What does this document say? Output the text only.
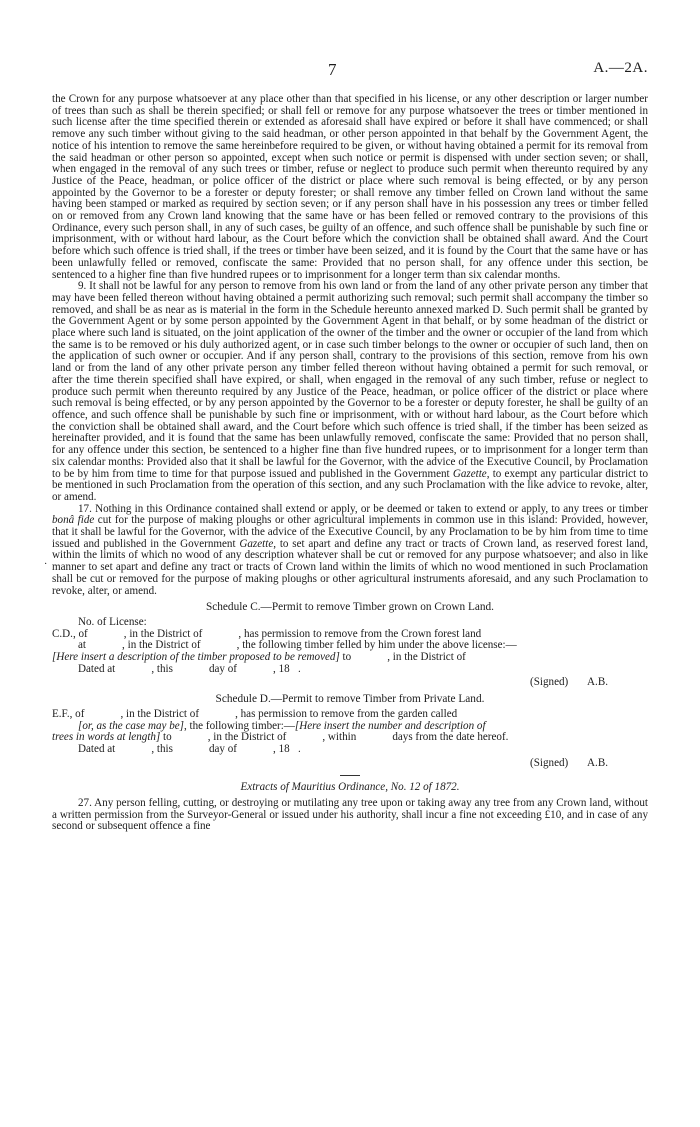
7	A.—2A.
·

the Crown for any purpose whatsoever at any place other than that specified in his license, or any other description or larger number of trees than such as shall be therein specified; or shall fell or remove for any purpose whatsoever the trees or timber mentioned in such license after the time specified therein or extended as aforesaid shall have expired or before it shall have commenced; or shall remove any such timber without giving to the said headman, or other person appointed in that behalf by the Government Agent, the notice of his intention to remove the same hereinbefore required to be given, or without having obtained a permit for its removal from the said headman or other person so appointed, except when such notice or permit is dispensed with under section seven; or shall, when engaged in the removal of any such trees or timber, refuse or neglect to produce such permit when thereunto required by any Justice of the Peace, headman, or police officer of the district or place where such removal is being effected, or by any person appointed by the Governor to be a forester or deputy forester; or shall remove any timber felled on Crown land without the same having been stamped or marked as required by section seven; or if any person shall have in his possession any trees or timber felled on or removed from any Crown land knowing that the same have or has been felled or removed contrary to the provisions of this Ordinance, every such person shall, in any of such cases, be guilty of an offence, and such offence shall be punishable by such fine or imprisonment, with or without hard labour, as the Court before which the conviction shall be obtained shall award. And the Court before which such offence is tried shall, if the trees or timber have been seized, and it is found by the Court that the same have or has been unlawfully felled or removed, confiscate the same: Provided that no person shall, for any offence under this section, be sentenced to a higher fine than five hundred rupees or to imprisonment for a longer term than six calendar months.

9. It shall not be lawful for any person to remove from his own land or from the land of any other private person any timber that may have been felled thereon without having obtained a permit authorizing such removal; such permit shall accompany the timber so removed, and shall be as near as is material in the form in the Schedule hereunto annexed marked D. Such permit shall be granted by the Government Agent or by some person appointed by the Government Agent in that behalf, or by some headman of the district or place where such land is situated, on the joint application of the owner of the timber and the owner or occupier of the land from which the same is to be removed or his duly authorized agent, or in case such timber belongs to the owner or occupier of such land, then on the application of such owner or occupier. And if any person shall, contrary to the provisions of this section, remove from his own land or from the land of any other private person any timber felled thereon without having obtained a permit for such removal, or after the time therein specified shall have expired, or shall, when engaged in the removal of any such timber, refuse or neglect to produce such permit when thereunto required by any Justice of the Peace, headman, or police officer of the district or place where such removal is being effected, or by any person appointed by the Governor to be a forester or deputy forester, he shall be guilty of an offence, and such offence shall be punishable by such fine or imprisonment, with or without hard labour, as the Court before which the conviction shall be obtained shall award, and the Court before which such offence is tried shall, if the timber has been seized as hereinafter provided, and it is found that the same has been unlawfully removed, confiscate the same: Provided that no person shall, for any offence under this section, be sentenced to a higher fine than five hundred rupees, or to imprisonment for a longer term than six calendar months: Provided also that it shall be lawful for the Governor, with the advice of the Executive Council, by Proclamation to be by him from time to time for that purpose issued and published in the Government Gazette, to exempt any particular district to be mentioned in such Proclamation from the operation of this section, and any such Proclamation with the like advice to revoke, alter, or amend.

17. Nothing in this Ordinance contained shall extend or apply, or be deemed or taken to extend or apply, to any trees or timber bonâ fide cut for the purpose of making ploughs or other agricultural implements in common use in this island: Provided, however, that it shall be lawful for the Governor, with the advice of the Executive Council, by any Proclamation to be by him from time to time issued and published in the Government Gazette, to set apart and define any tract or tracts of Crown land, as reserved forest land, within the limits of which no wood of any description whatever shall be cut or removed for any purpose whatsoever; and also in like manner to set apart and define any tract or tracts of Crown land within the limits of which no wood mentioned in such Proclamation shall be cut or removed for the purpose of making ploughs or other agricultural instruments aforesaid, and any such Proclamation to revoke, alter, or amend.

Schedule C.—Permit to remove Timber grown on Crown Land.

No. of License:

C.D., of             , in the District of             , has permission to remove from the Crown forest land

at             , in the District of             , the following timber felled by him under the above license:—

[Here insert a description of the timber proposed to be removed] to             , in the District of

Dated at             , this             day of             , 18   .

(Signed)       A.B.

Schedule D.—Permit to remove Timber from Private Land.

E.F., of             , in the District of             , has permission to remove from the garden called

[or, as the case may be], the following timber:—[Here insert the number and description of

trees in words at length] to             , in the District of             , within             days from the date hereof.

Dated at             , this             day of             , 18   .

(Signed)       A.B.

Extracts of Mauritius Ordinance, No. 12 of 1872.

27. Any person felling, cutting, or destroying or mutilating any tree upon or taking away any tree from any Crown land, without a written permission from the Surveyor-General or issued under his authority, shall incur a fine not exceeding £10, and in case of any second or subsequent offence a fine
